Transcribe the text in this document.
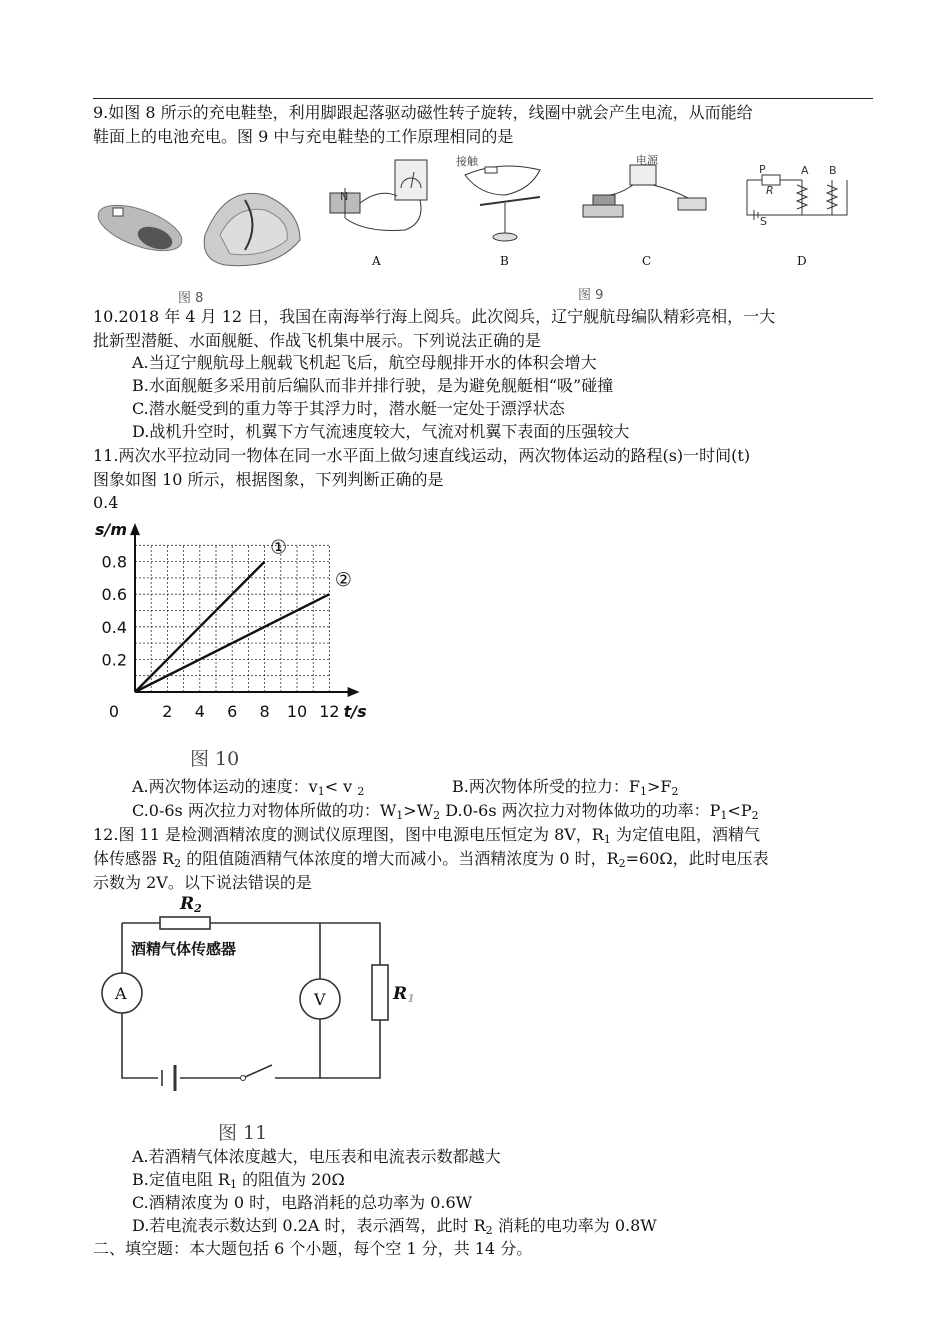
9.如图 8 所示的充电鞋垫，利用脚跟起落驱动磁性转子旋转，线圈中就会产生电流，从而能给
鞋面上的电池充电。图 9 中与充电鞋垫的工作原理相同的是
图 8
N
A
接触
B
电源
C
P
R
S
A B
D
图 9
10.2018 年 4 月 12 日，我国在南海举行海上阅兵。此次阅兵，辽宁舰航母编队精彩亮相，一大
批新型潜艇、水面舰艇、作战飞机集中展示。下列说法正确的是
A.当辽宁舰航母上舰载飞机起飞后，航空母舰排开水的体积会增大
B.水面舰艇多采用前后编队而非并排行驶，是为避免舰艇相“吸”碰撞
C.潜水艇受到的重力等于其浮力时，潜水艇一定处于漂浮状态
D.战机升空时，机翼下方气流速度较大，气流对机翼下表面的压强较大
11.两次水平拉动同一物体在同一水平面上做匀速直线运动，两次物体运动的路程(s)一时间(t)
图象如图 10 所示，根据图象，下列判断正确的是
0.4
2 4 6 8 10 12
0.2
0.4
0.6
0.8
0
s/m
t/s
①
②
图 10
A.两次物体运动的速度：$v_1< v$ $_2$	B.两次物体所受的拉力：$F_1>F_2$
C.0-6s 两次拉力对物体所做的功：$W_1>W_2$ D.0-6s 两次拉力对物体做功的功率：$P_1<P_2$
12.图 11 是检测酒精浓度的测试仪原理图，图中电源电压恒定为 8V，$R_1$ 为定值电阻，酒精气
体传感器 $R_2$ 的阻值随酒精气体浓度的增大而减小。当酒精浓度为 0 时，$R_2=60\Omega$，此时电压表
示数为 2V。以下说法错误的是
$R_2$
酒精气体传感器
A	V	$R_1$
图 11
A.若酒精气体浓度越大，电压表和电流表示数都越大
B.定值电阻 $R_1$ 的阻值为 20Ω
C.酒精浓度为 0 时，电路消耗的总功率为 0.6W
D.若电流表示数达到 0.2A 时，表示酒驾，此时 $R_2$ 消耗的电功率为 0.8W
二、填空题：本大题包括 6 个小题，每个空 1 分，共 14 分。
